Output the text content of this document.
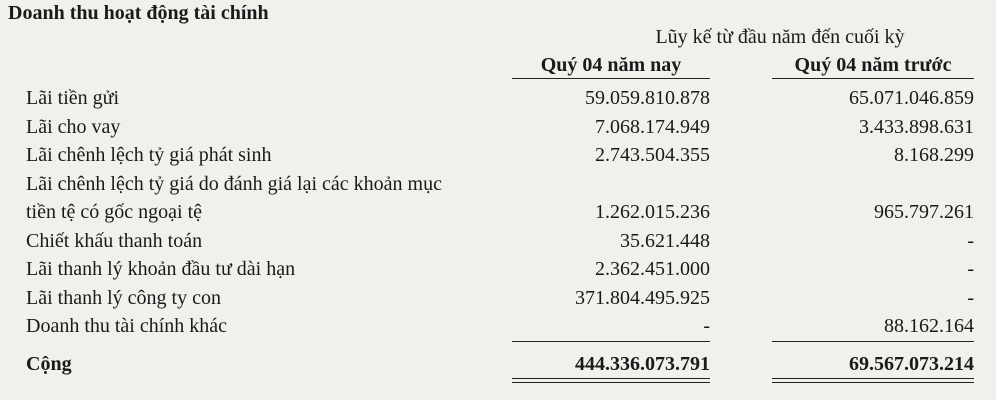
Doanh thu hoạt động tài chính
Lũy kế từ đầu năm đến cuối kỳ
Quý 04 năm nay	Quý 04 năm trước
Lãi tiền gửi	59.059.810.878	65.071.046.859
Lãi cho vay	7.068.174.949	3.433.898.631
Lãi chênh lệch tỷ giá phát sinh	2.743.504.355	8.168.299
Lãi chênh lệch tỷ giá do đánh giá lại các khoản mục
tiền tệ có gốc ngoại tệ	1.262.015.236	965.797.261
Chiết khấu thanh toán	35.621.448	-
Lãi thanh lý khoản đầu tư dài hạn	2.362.451.000	-
Lãi thanh lý công ty con	371.804.495.925	-
Doanh thu tài chính khác	-	88.162.164
Cộng	444.336.073.791	69.567.073.214
